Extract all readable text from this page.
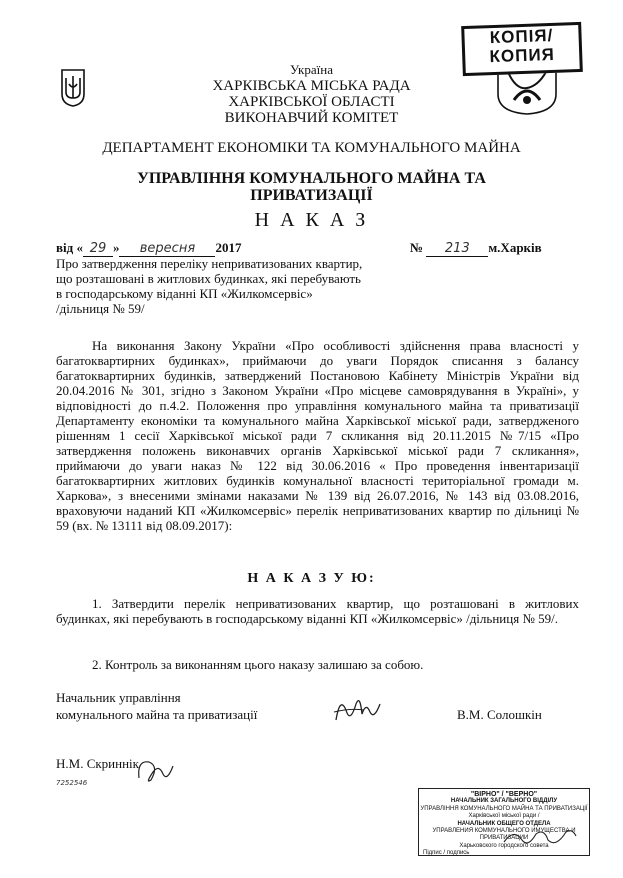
КОПІЯ/
КОПИЯ
Україна
ХАРКІВСЬКА МІСЬКА РАДА
ХАРКІВСЬКОЇ ОБЛАСТІ
ВИКОНАВЧИЙ КОМІТЕТ
ДЕПАРТАМЕНТ ЕКОНОМІКИ ТА КОМУНАЛЬНОГО МАЙНА
УПРАВЛІННЯ КОМУНАЛЬНОГО МАЙНА ТА
ПРИВАТИЗАЦІЇ
Н А К А З
від « 29 » вересня 2017	№ 213 м.Харків
Про затвердження переліку неприватизованих квартир,
що розташовані в житлових будинках, які перебувають
в господарському віданні КП «Жилкомсервіс»
/дільниця № 59/
На виконання Закону України «Про особливості здійснення права власності у багатоквартирних будинках», приймаючи до уваги Порядок списання з балансу багатоквартирних будинків, затверджений Постановою Кабінету Міністрів України від 20.04.2016 № 301, згідно з Законом України «Про місцеве самоврядування в Україні», у відповідності до п.4.2. Положення про управління комунального майна та приватизації Департаменту економіки та комунального майна Харківської міської ради, затвердженого рішенням 1 сесії Харківської міської ради 7 скликання від 20.11.2015 №7/15 «Про затвердження положень виконавчих органів Харківської міської ради 7 скликання», приймаючи до уваги наказ № 122 від 30.06.2016 « Про проведення інвентаризації багатоквартирних житлових будинків комунальної власності територіальної громади м. Харкова», з внесеними змінами наказами № 139 від 26.07.2016, № 143 від 03.08.2016, враховуючи наданий КП «Жилкомсервіс» перелік неприватизованих квартир по дільниці № 59 (вх. № 13111 від 08.09.2017):
Н А К А З У Ю:
1. Затвердити перелік неприватизованих квартир, що розташовані в житлових будинках, які перебувають в господарському віданні КП «Жилкомсервіс» /дільниця № 59/.
2. Контроль за виконанням цього наказу залишаю за собою.
Начальник управління
комунального майна та приватизації	В.М. Солошкін
Н.М. Скриннік
7252546
"ВІРНО" / "ВЕРНО"
НАЧАЛЬНИК ЗАГАЛЬНОГО ВІДДІЛУ
УПРАВЛІННЯ КОМУНАЛЬНОГО МАЙНА ТА ПРИВАТИЗАЦІЇ
Харківської міської ради /
НАЧАЛЬНИК ОБЩЕГО ОТДЕЛА
УПРАВЛЕНИЯ КОММУНАЛЬНОГО ИМУЩЕСТВА И ПРИВАТИЗАЦИИ
Харьковского городского совета
Підпис / подпись
